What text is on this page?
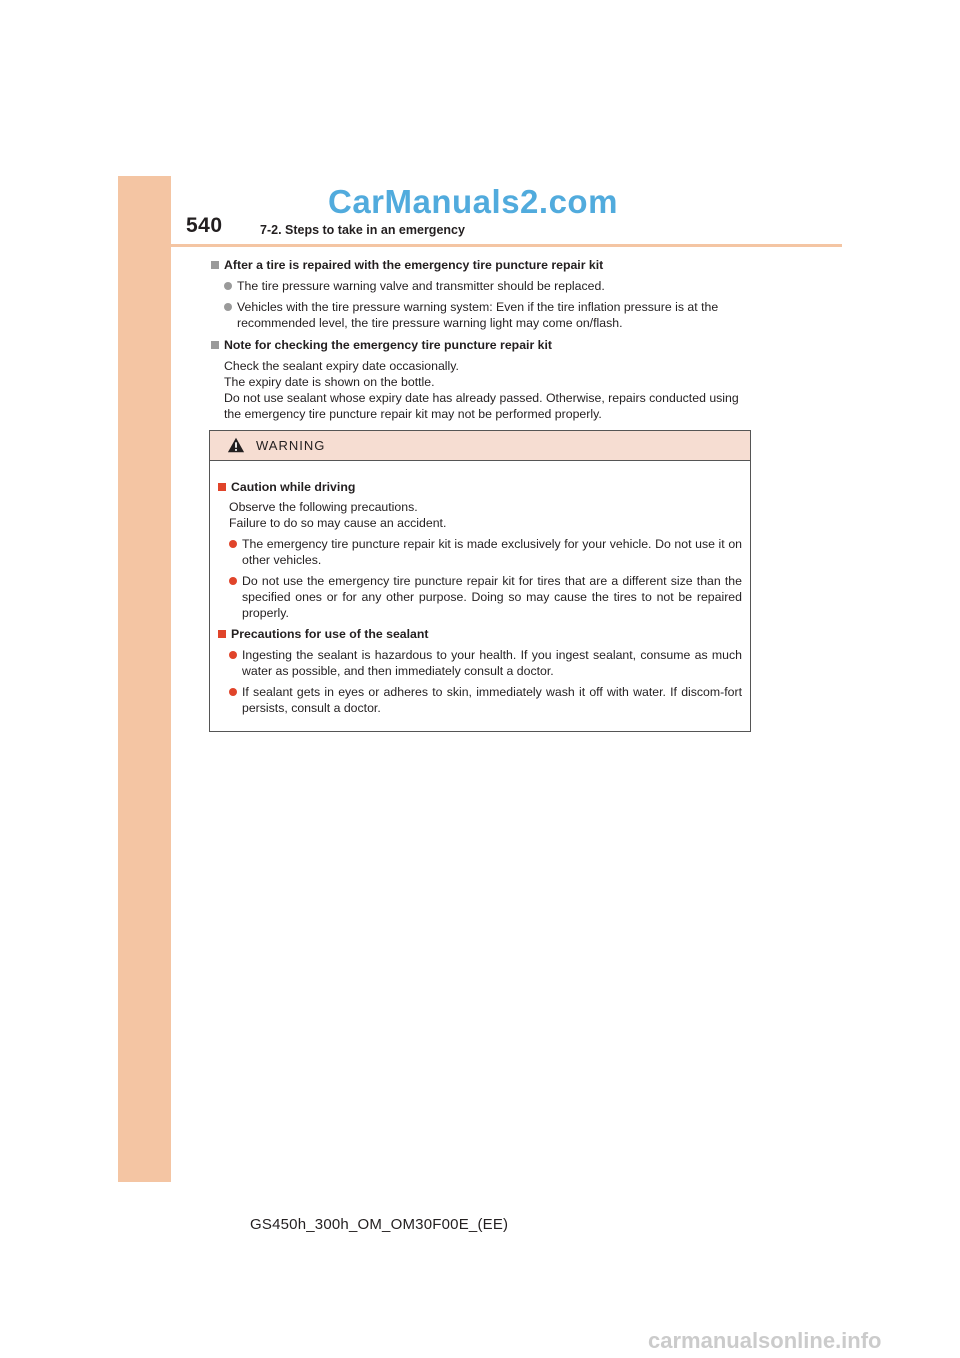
CarManuals2.com
540	7-2. Steps to take in an emergency
After a tire is repaired with the emergency tire puncture repair kit
The tire pressure warning valve and transmitter should be replaced.
Vehicles with the tire pressure warning system: Even if the tire inflation pressure is at the recommended level, the tire pressure warning light may come on/flash.
Note for checking the emergency tire puncture repair kit
Check the sealant expiry date occasionally.
The expiry date is shown on the bottle.
Do not use sealant whose expiry date has already passed. Otherwise, repairs conducted using the emergency tire puncture repair kit may not be performed properly.
WARNING
Caution while driving
Observe the following precautions.
Failure to do so may cause an accident.
The emergency tire puncture repair kit is made exclusively for your vehicle. Do not use it on other vehicles.
Do not use the emergency tire puncture repair kit for tires that are a different size than the specified ones or for any other purpose. Doing so may cause the tires to not be repaired properly.
Precautions for use of the sealant
Ingesting the sealant is hazardous to your health. If you ingest sealant, consume as much water as possible, and then immediately consult a doctor.
If sealant gets in eyes or adheres to skin, immediately wash it off with water. If discom-fort persists, consult a doctor.
GS450h_300h_OM_OM30F00E_(EE)
carmanualsonline.info
